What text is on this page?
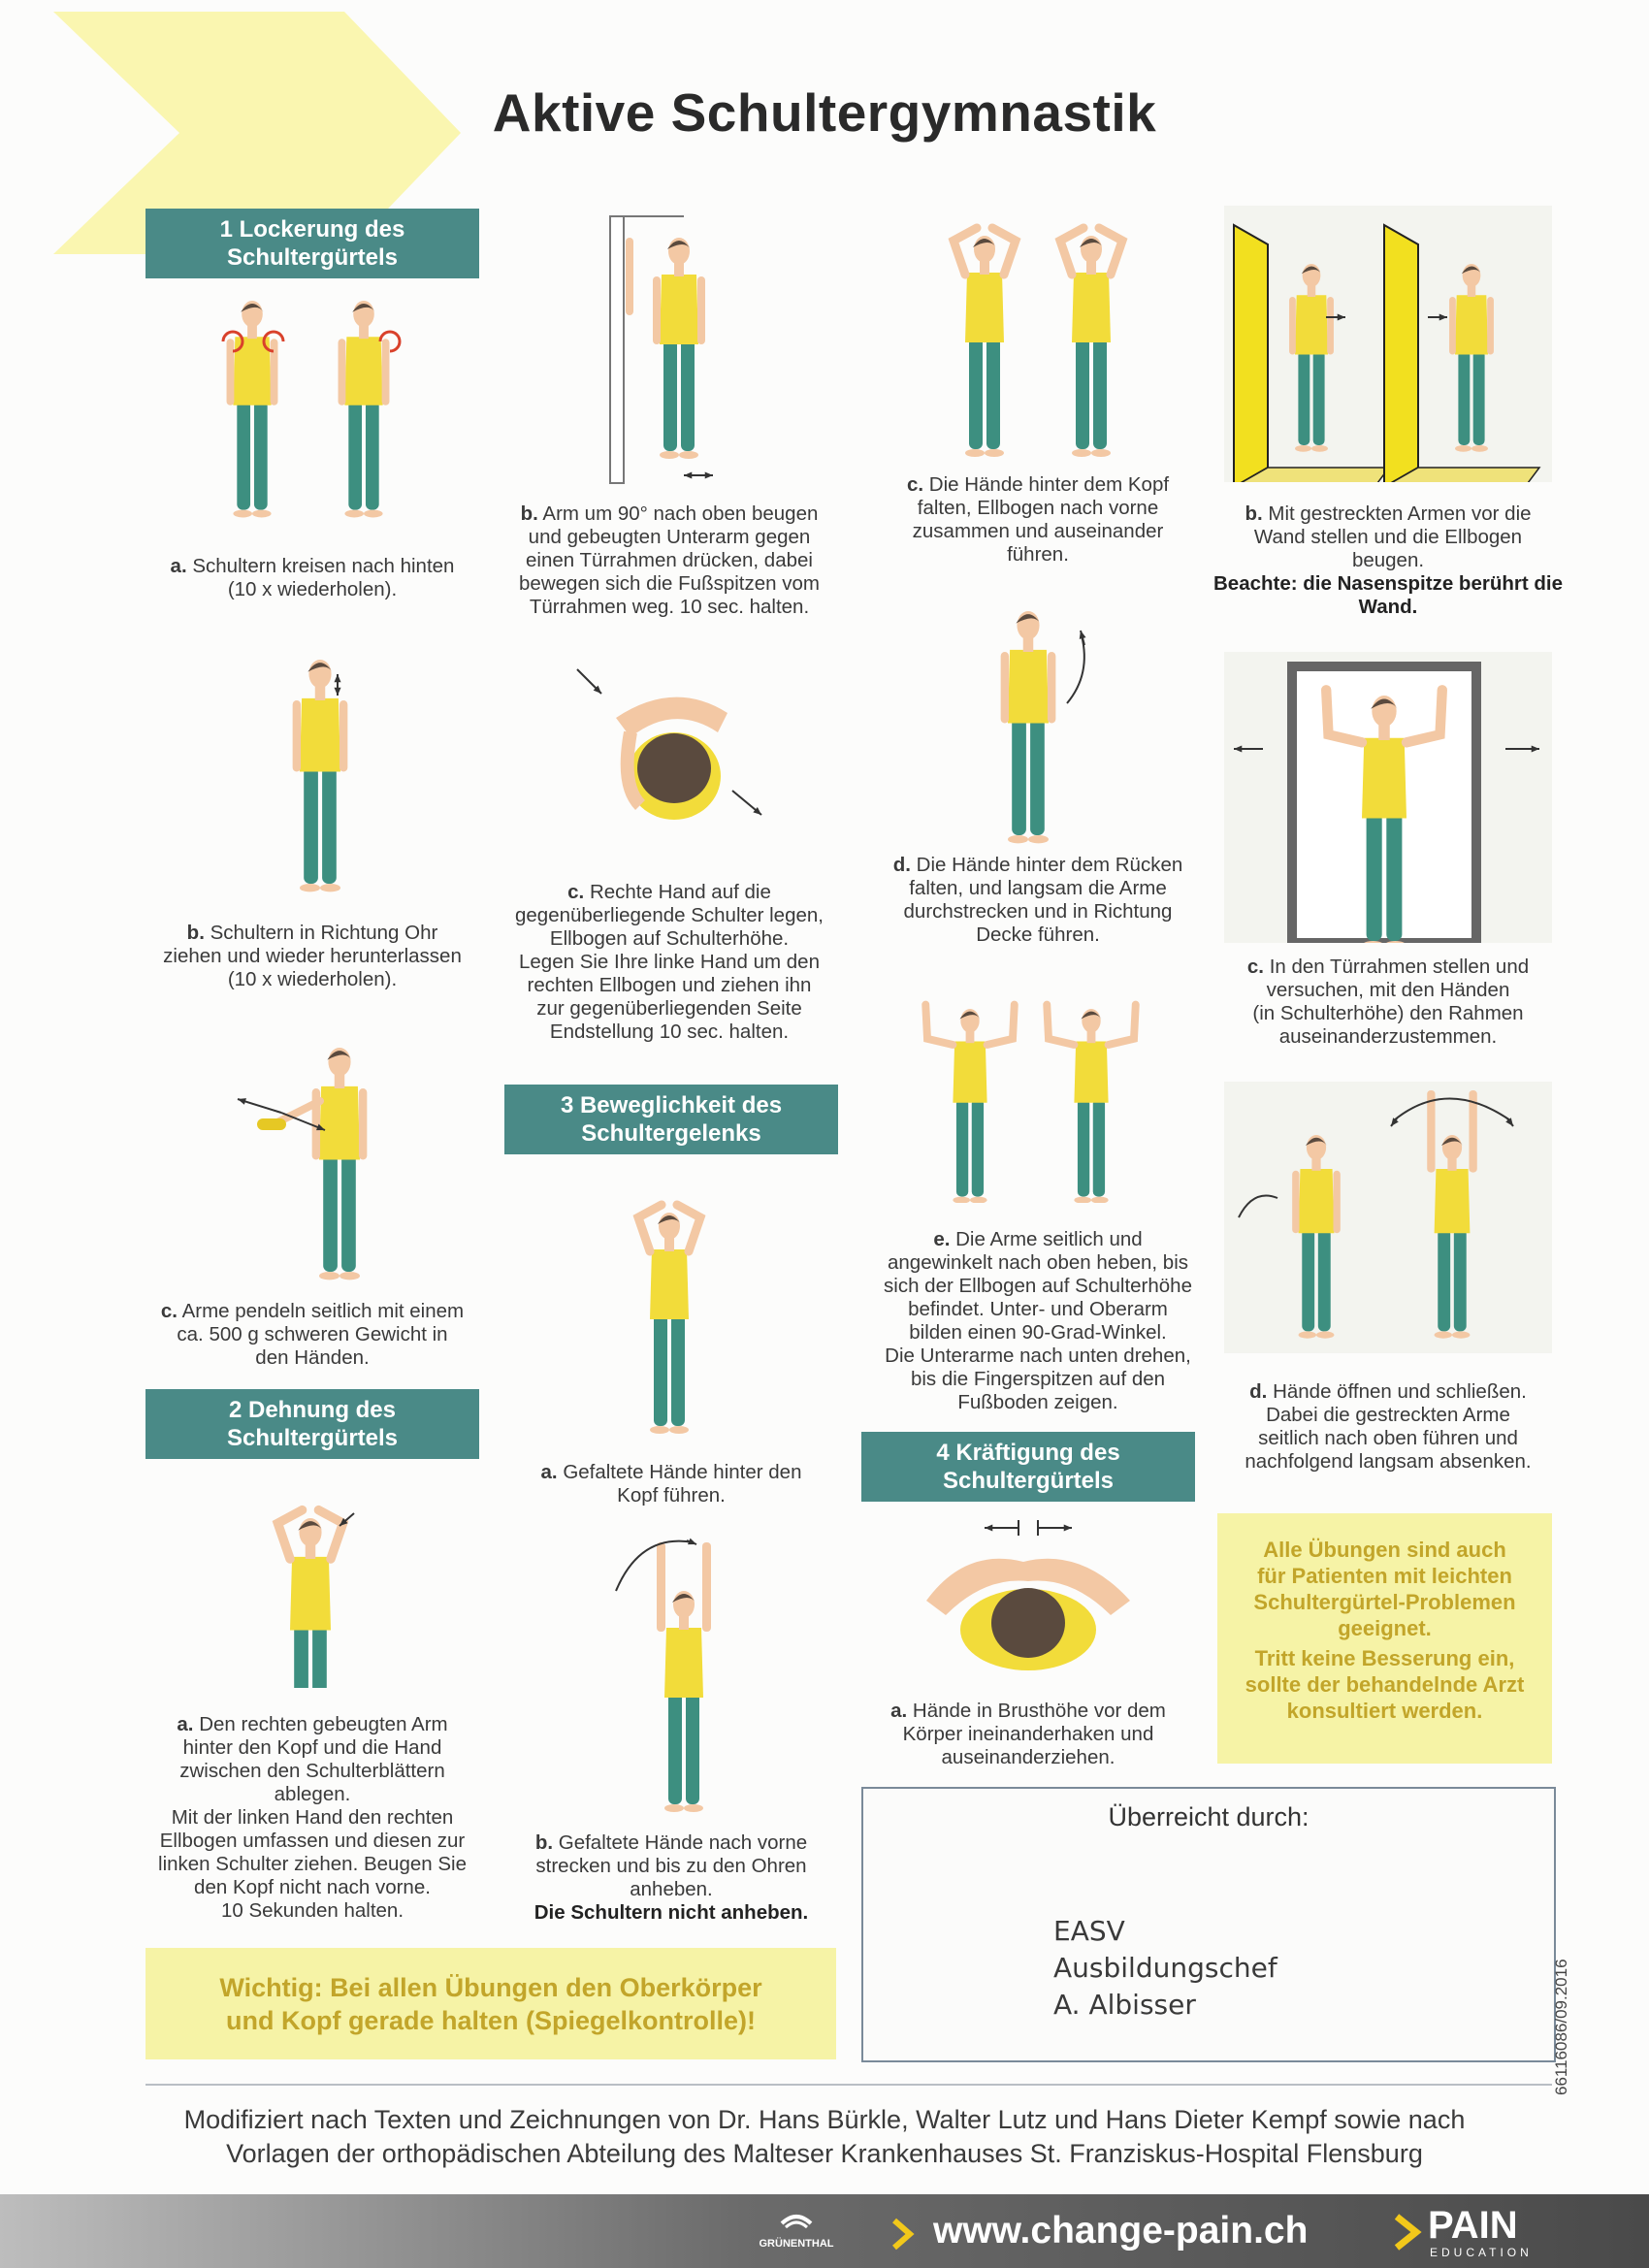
Aktive Schultergymnastik
1 Lockerung des Schultergürtels
a. Schultern kreisen nach hinten
(10 x wiederholen).
b. Schultern in Richtung Ohr
ziehen und wieder herunterlassen
(10 x wiederholen).
c. Arme pendeln seitlich mit einem
ca. 500 g schweren Gewicht in
den Händen.
2 Dehnung des Schultergürtels
a. Den rechten gebeugten Arm
hinter den Kopf und die Hand
zwischen den Schulterblättern
ablegen.
Mit der linken Hand den rechten
Ellbogen umfassen und diesen zur
linken Schulter ziehen. Beugen Sie
den Kopf nicht nach vorne.
10 Sekunden halten.
Wichtig: Bei allen Übungen den Oberkörper
und Kopf gerade halten (Spiegelkontrolle)!
b. Arm um 90° nach oben beugen
und gebeugten Unterarm gegen
einen Türrahmen drücken, dabei
bewegen sich die Fußspitzen vom
Türrahmen weg. 10 sec. halten.
c. Rechte Hand auf die
gegenüberliegende Schulter legen,
Ellbogen auf Schulterhöhe.
Legen Sie Ihre linke Hand um den
rechten Ellbogen und ziehen ihn
zur gegenüberliegenden Seite
Endstellung 10 sec. halten.
3 Beweglichkeit des Schultergelenks
a. Gefaltete Hände hinter den
Kopf führen.
b. Gefaltete Hände nach vorne
strecken und bis zu den Ohren
anheben.
Die Schultern nicht anheben.
c. Die Hände hinter dem Kopf
falten, Ellbogen nach vorne
zusammen und auseinander
führen.
d. Die Hände hinter dem Rücken
falten, und langsam die Arme
durchstrecken und in Richtung
Decke führen.
e. Die Arme seitlich und
angewinkelt nach oben heben, bis
sich der Ellbogen auf Schulterhöhe
befindet. Unter- und Oberarm
bilden einen 90-Grad-Winkel.
Die Unterarme nach unten drehen,
bis die Fingerspitzen auf den
Fußboden zeigen.
4 Kräftigung des Schultergürtels
a. Hände in Brusthöhe vor dem
Körper ineinanderhaken und
auseinanderziehen.
Überreicht durch:
EASV
Ausbildungschef
A. Albisser
b. Mit gestreckten Armen vor die
Wand stellen und die Ellbogen
beugen.
Beachte: die Nasenspitze berührt die Wand.
c. In den Türrahmen stellen und
versuchen, mit den Händen
(in Schulterhöhe) den Rahmen
auseinanderzustemmen.
d. Hände öffnen und schließen.
Dabei die gestreckten Arme
seitlich nach oben führen und
nachfolgend langsam absenken.
Alle Übungen sind auch
für Patienten mit leichten
Schultergürtel-Problemen
geeignet.
Tritt keine Besserung ein,
sollte der behandelnde Arzt
konsultiert werden.
66116086/09.2016
Modifiziert nach Texten und Zeichnungen von Dr. Hans Bürkle, Walter Lutz und Hans Dieter Kempf sowie nach
Vorlagen der orthopädischen Abteilung des Malteser Krankenhauses St. Franziskus-Hospital Flensburg
GRÜNENTHAL	www.change-pain.ch	PAIN
EDUCATION
